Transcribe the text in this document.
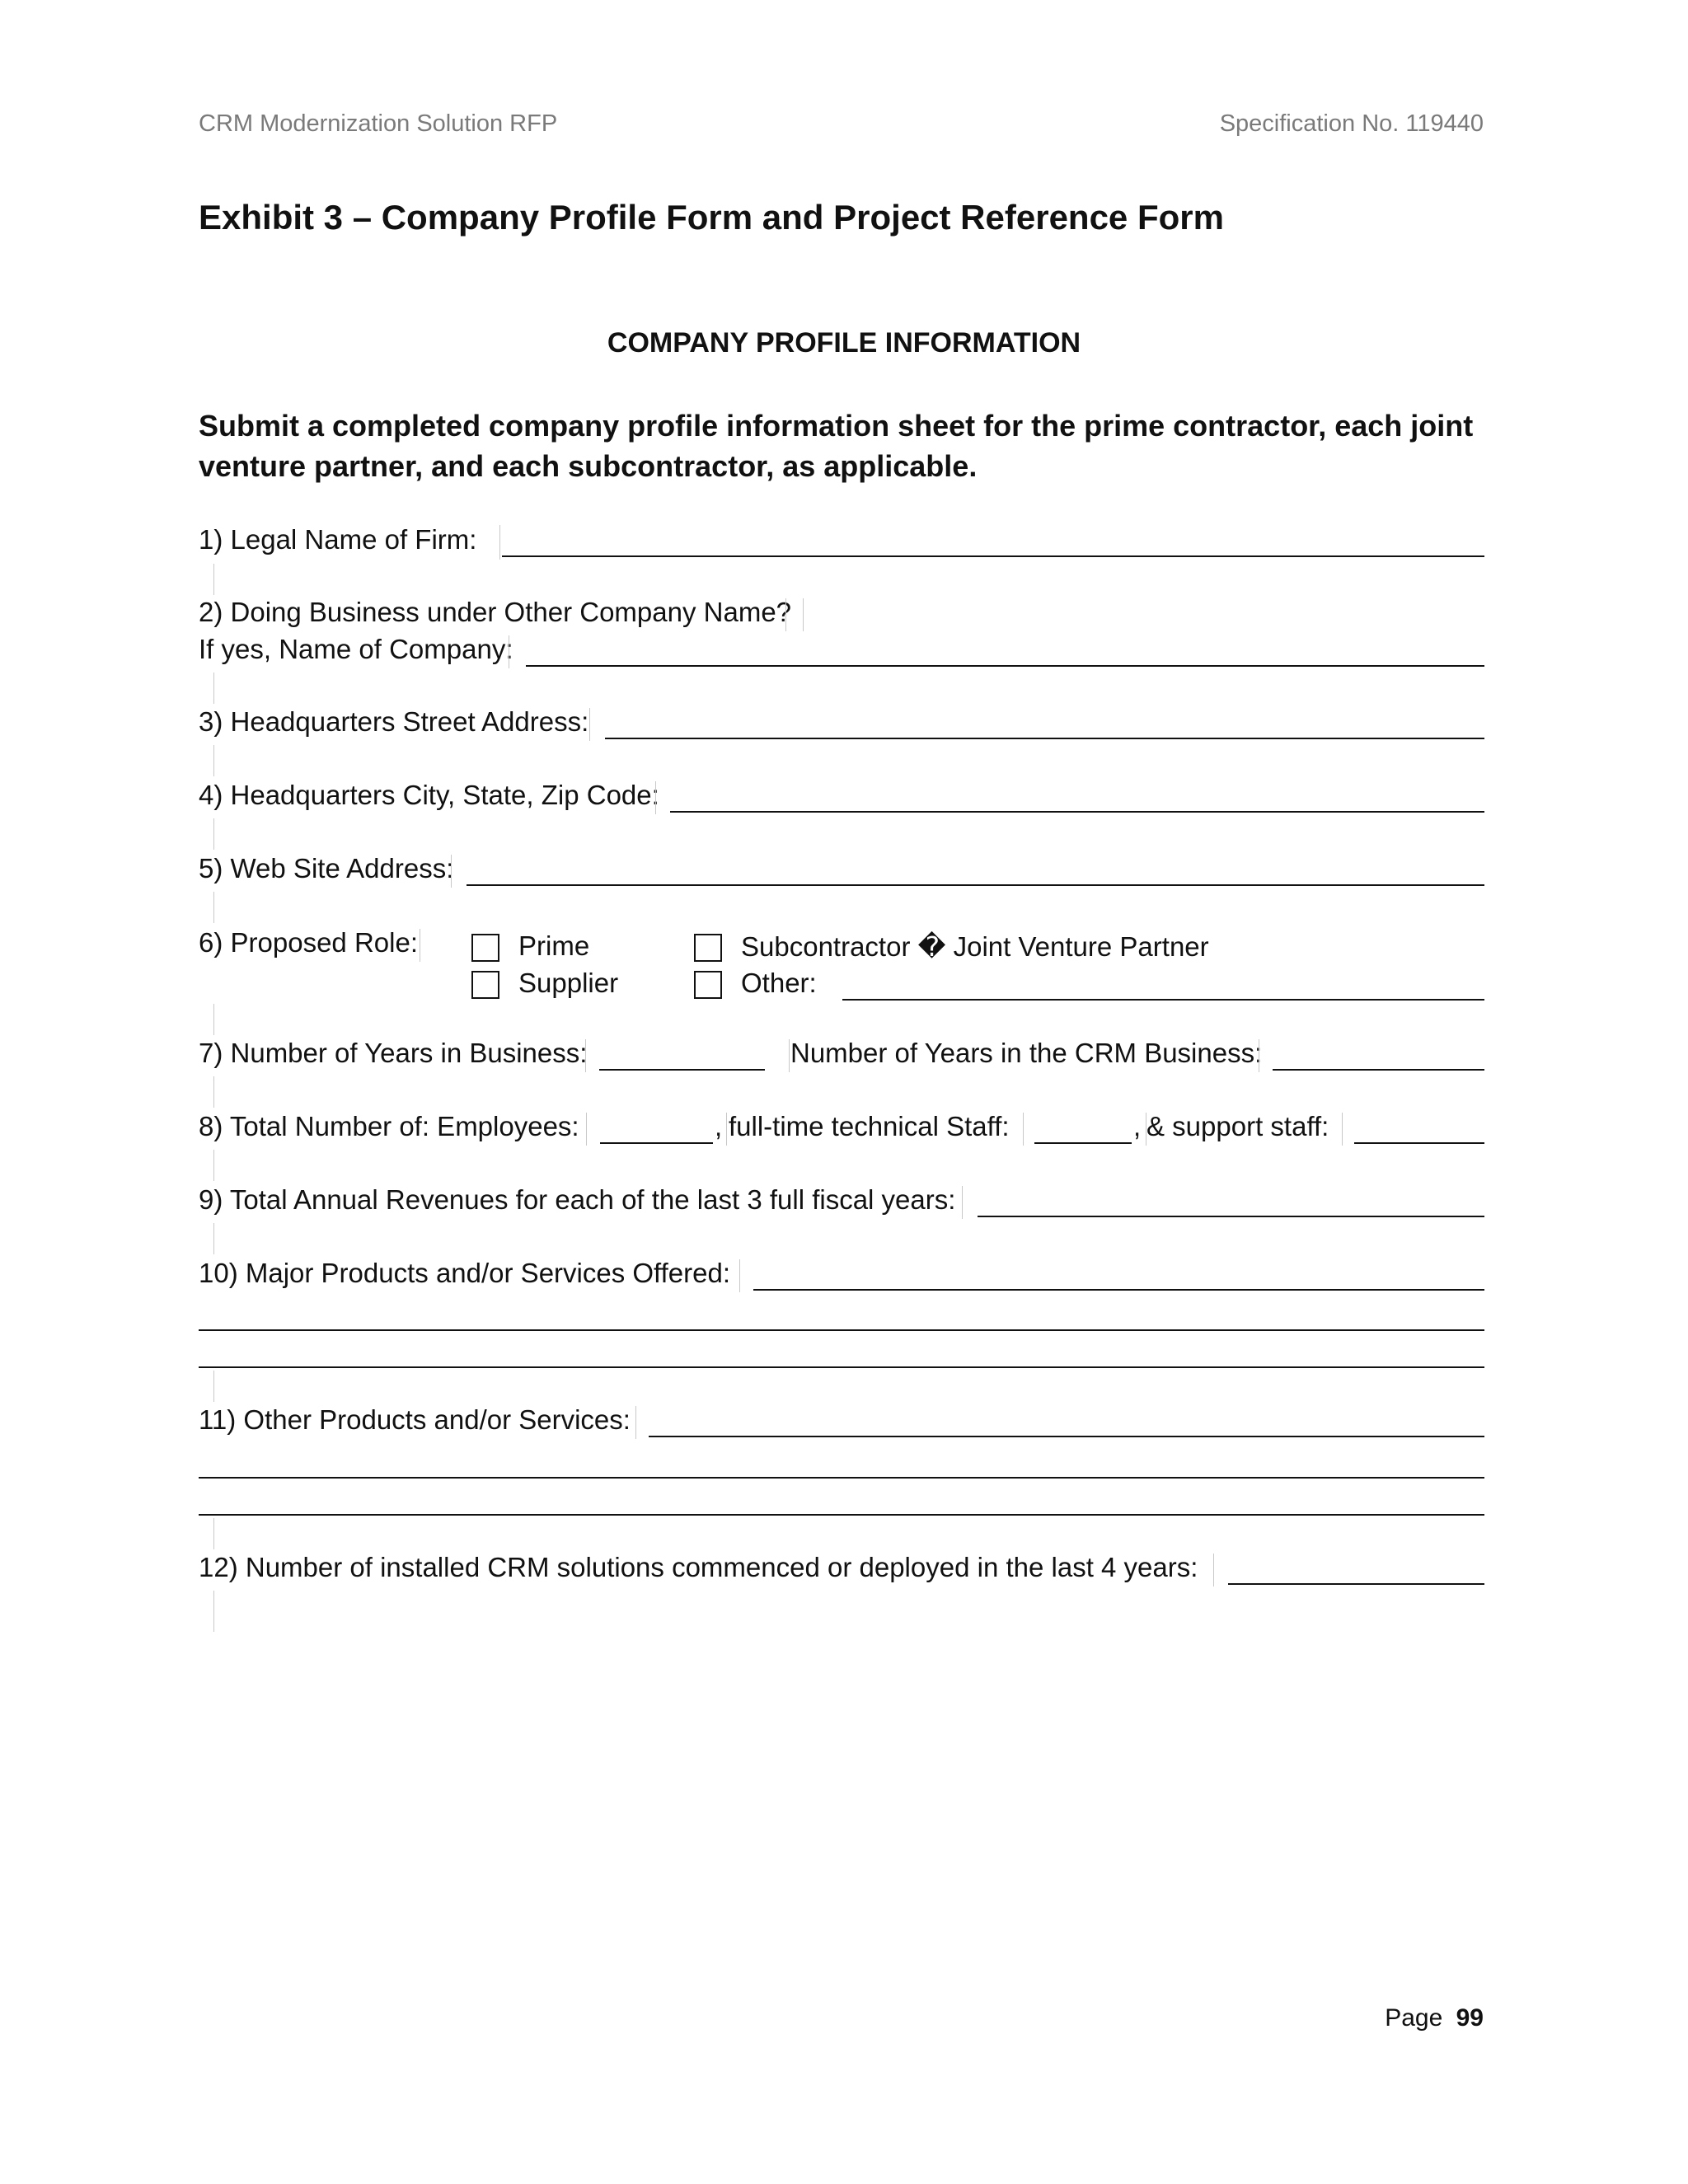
CRM Modernization Solution RFP	Specification No. 119440
Exhibit 3 – Company Profile Form and Project Reference Form
COMPANY PROFILE INFORMATION
Submit a completed company profile information sheet for the prime contractor, each joint venture partner, and each subcontractor, as applicable.
1) Legal Name of Firm:
2) Doing Business under Other Company Name?
If yes, Name of Company:
3) Headquarters Street Address:
4) Headquarters City, State, Zip Code:
5) Web Site Address:
6) Proposed Role:	Prime	Subcontractor � Joint Venture Partner
Supplier	Other:
7) Number of Years in Business:	Number of Years in the CRM Business:
8) Total Number of: Employees:	, full-time technical Staff:	, & support staff:
9) Total Annual Revenues for each of the last 3 full fiscal years:
10) Major Products and/or Services Offered:
11) Other Products and/or Services:
12) Number of installed CRM solutions commenced or deployed in the last 4 years:
Page 99
